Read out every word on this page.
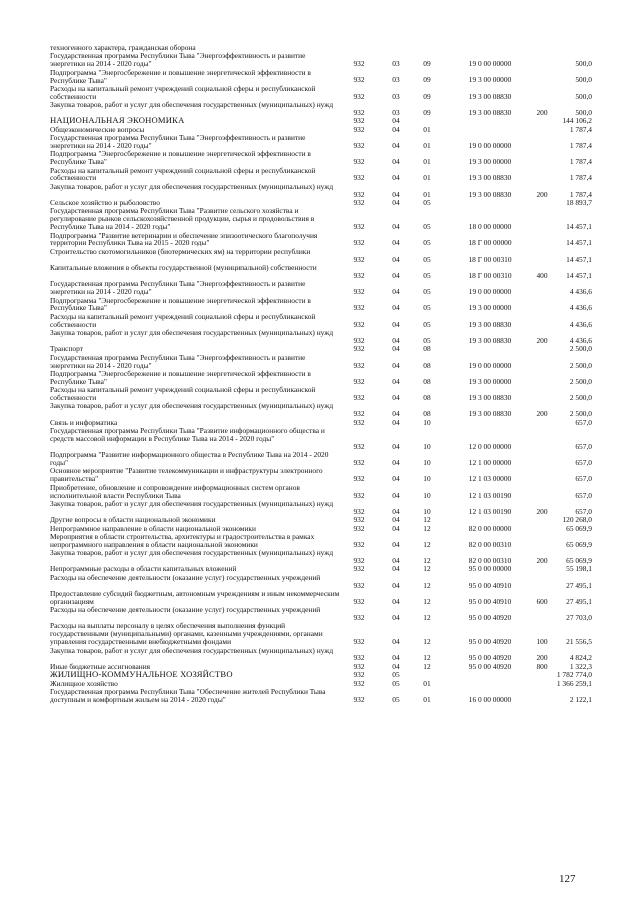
техногенного характера, гражданская оборона
Государственная программа Республики Тыва "Энергоэффективность и развитие энергетики на 2014 - 2020 годы"	932	03	09	19 0 00 00000	500,0
Подпрограмма "Энергосбережение и повышение энергетической эффективности в Республике Тыва"	932	03	09	19 3 00 00000	500,0
Расходы на капитальный ремонт учреждений социальной сферы и республиканской собственности	932	03	09	19 3 00 08830	500,0
Закупка товаров, работ и услуг для обеспечения государственных (муниципальных) нужд
932	03	09	19 3 00 08830	200	500,0
НАЦИОНАЛЬНАЯ ЭКОНОМИКА	932	04	144 106,2
Общеэкономические вопросы	932	04	01	1 787,4
Государственная программа Республики Тыва "Энергоэффективность и развитие энергетики на 2014 - 2020 годы"	932	04	01	19 0 00 00000	1 787,4
Подпрограмма "Энергосбережение и повышение энергетической эффективности в Республике Тыва"	932	04	01	19 3 00 00000	1 787,4
Расходы на капитальный ремонт учреждений социальной сферы и республиканской собственности	932	04	01	19 3 00 08830	1 787,4
Закупка товаров, работ и услуг для обеспечения государственных (муниципальных) нужд
932	04	01	19 3 00 08830	200	1 787,4
Сельское хозяйство и рыболовство	932	04	05	18 893,7
Государственная программа Республики Тыва "Развитие сельского хозяйства и регулирование рынков сельскохозяйственной продукции, сырья и продовольствия в Республике Тыва на 2014 - 2020 годы"	932	04	05	18 0 00 00000	14 457,1
Подпрограмма "Развитие ветеринарии и обеспечение эпизоотического благополучия территории Республики Тыва на 2015 - 2020 годы"	932	04	05	18 Г 00 00000	14 457,1
Строительство скотомогильников (биотермических ям) на территории республики
932	04	05	18 Г 00 00310	14 457,1
Капитальные вложения в объекты государственной (муниципальной) собственности
932	04	05	18 Г 00 00310	400	14 457,1
Государственная программа Республики Тыва "Энергоэффективность и развитие энергетики на 2014 - 2020 годы"	932	04	05	19 0 00 00000	4 436,6
Подпрограмма "Энергосбережение и повышение энергетической эффективности в Республике Тыва"	932	04	05	19 3 00 00000	4 436,6
Расходы на капитальный ремонт учреждений социальной сферы и республиканской собственности	932	04	05	19 3 00 08830	4 436,6
Закупка товаров, работ и услуг для обеспечения государственных (муниципальных) нужд
932	04	05	19 3 00 08830	200	4 436,6
Транспорт	932	04	08	2 500,0
Государственная программа Республики Тыва "Энергоэффективность и развитие энергетики на 2014 - 2020 годы"	932	04	08	19 0 00 00000	2 500,0
Подпрограмма "Энергосбережение и повышение энергетической эффективности в Республике Тыва"	932	04	08	19 3 00 00000	2 500,0
Расходы на капитальный ремонт учреждений социальной сферы и республиканской собственности	932	04	08	19 3 00 08830	2 500,0
Закупка товаров, работ и услуг для обеспечения государственных (муниципальных) нужд
932	04	08	19 3 00 08830	200	2 500,0
Связь и информатика	932	04	10	657,0
Государственная программа Республики Тыва "Развитие информационного общества и средств массовой информации в Республике Тыва на 2014 - 2020 годы"
932	04	10	12 0 00 00000	657,0
Подпрограмма "Развитие информационного общества в Республике Тыва на 2014 - 2020 годы"	932	04	10	12 1 00 00000	657,0
Основное мероприятие "Развитие телекоммуникации и инфраструктуры электронного правительства"	932	04	10	12 1 03 00000	657,0
Приобретение, обновление и сопровождение информационных систем органов исполнительной власти Республики Тыва	932	04	10	12 1 03 00190	657,0
Закупка товаров, работ и услуг для обеспечения государственных (муниципальных) нужд
932	04	10	12 1 03 00190	200	657,0
Другие вопросы в области национальной экономики	932	04	12	120 268,0
Непрограммное направление в области национальной экономики	932	04	12	82 0 00 00000	65 069,9
Мероприятия в области строительства, архитектуры и градостроительства в рамках непрограммного направления в области национальной экономики	932	04	12	82 0 00 00310	65 069,9
Закупка товаров, работ и услуг для обеспечения государственных (муниципальных) нужд
932	04	12	82 0 00 00310	200	65 069,9
Непрограммные расходы в области капитальных вложений	932	04	12	95 0 00 00000	55 198,1
Расходы на обеспечение деятельности (оказание услуг) государственных учреждений
932	04	12	95 0 00 40910	27 495,1
Предоставление субсидий бюджетным, автономным учреждениям и иным некоммерческим организациям	932	04	12	95 0 00 40910	600	27 495,1
Расходы на обеспечение деятельности (оказание услуг) государственных учреждений
932	04	12	95 0 00 40920	27 703,0
Расходы на выплаты персоналу в целях обеспечения выполнения функций государственными (муниципальными) органами, казенными учреждениями, органами управления государственными внебюджетными фондами	932	04	12	95 0 00 40920	100	21 556,5
Закупка товаров, работ и услуг для обеспечения государственных (муниципальных) нужд
932	04	12	95 0 00 40920	200	4 824,2
Иные бюджетные ассигнования	932	04	12	95 0 00 40920	800	1 322,3
ЖИЛИЩНО-КОММУНАЛЬНОЕ ХОЗЯЙСТВО	932	05	1 782 774,0
Жилищное хозяйство	932	05	01	1 366 259,1
Государственная программа Республики Тыва "Обеспечение жителей Республики Тыва доступным и комфортным жильем на 2014 - 2020 годы"	932	05	01	16 0 00 00000	2 122,1
127
